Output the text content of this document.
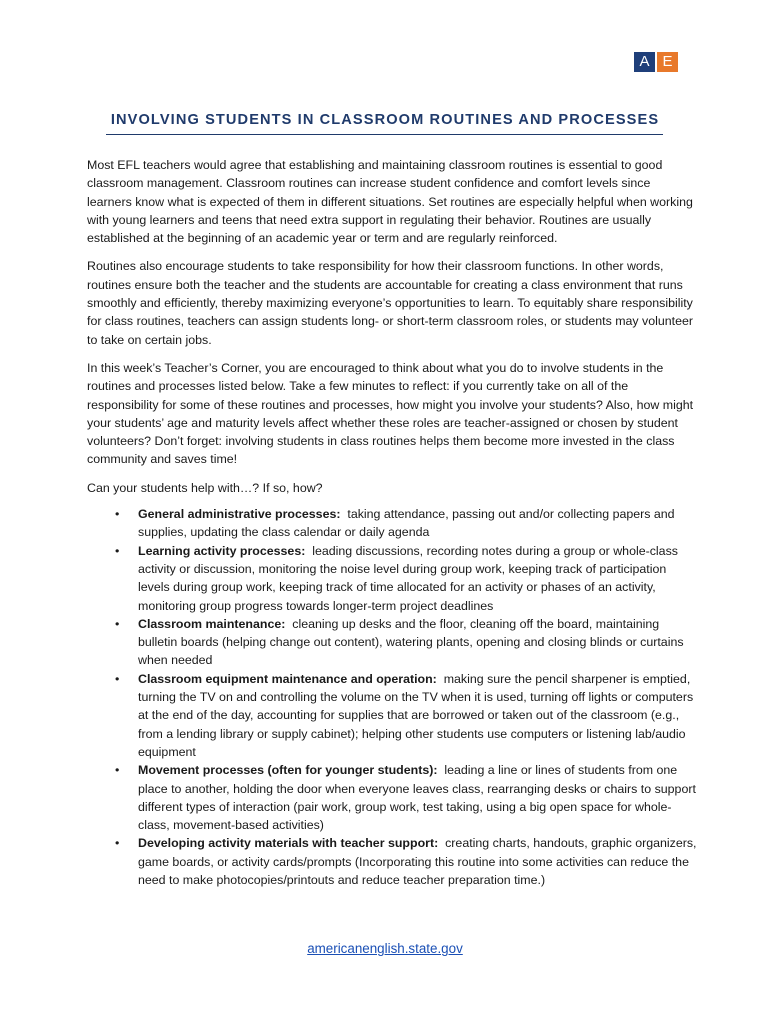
A E
INVOLVING STUDENTS IN CLASSROOM ROUTINES AND PROCESSES

Most EFL teachers would agree that establishing and maintaining classroom routines is essential to good classroom management. Classroom routines can increase student confidence and comfort levels since learners know what is expected of them in different situations. Set routines are especially helpful when working with young learners and teens that need extra support in regulating their behavior. Routines are usually established at the beginning of an academic year or term and are regularly reinforced.

Routines also encourage students to take responsibility for how their classroom functions. In other words, routines ensure both the teacher and the students are accountable for creating a class environment that runs smoothly and efficiently, thereby maximizing everyone’s opportunities to learn. To equitably share responsibility for class routines, teachers can assign students long- or short-term classroom roles, or students may volunteer to take on certain jobs.

In this week’s Teacher’s Corner, you are encouraged to think about what you do to involve students in the routines and processes listed below. Take a few minutes to reflect: if you currently take on all of the responsibility for some of these routines and processes, how might you involve your students? Also, how might your students’ age and maturity levels affect whether these roles are teacher-assigned or chosen by student volunteers? Don’t forget: involving students in class routines helps them become more invested in the class community and saves time!

Can your students help with…? If so, how?

• General administrative processes: taking attendance, passing out and/or collecting papers and supplies, updating the class calendar or daily agenda
• Learning activity processes: leading discussions, recording notes during a group or whole-class activity or discussion, monitoring the noise level during group work, keeping track of participation levels during group work, keeping track of time allocated for an activity or phases of an activity, monitoring group progress towards longer-term project deadlines
• Classroom maintenance: cleaning up desks and the floor, cleaning off the board, maintaining bulletin boards (helping change out content), watering plants, opening and closing blinds or curtains when needed
• Classroom equipment maintenance and operation: making sure the pencil sharpener is emptied, turning the TV on and controlling the volume on the TV when it is used, turning off lights or computers at the end of the day, accounting for supplies that are borrowed or taken out of the classroom (e.g., from a lending library or supply cabinet); helping other students use computers or listening lab/audio equipment
• Movement processes (often for younger students): leading a line or lines of students from one place to another, holding the door when everyone leaves class, rearranging desks or chairs to support different types of interaction (pair work, group work, test taking, using a big open space for whole-class, movement-based activities)
• Developing activity materials with teacher support: creating charts, handouts, graphic organizers, game boards, or activity cards/prompts (Incorporating this routine into some activities can reduce the need to make photocopies/printouts and reduce teacher preparation time.)
americanenglish.state.gov
